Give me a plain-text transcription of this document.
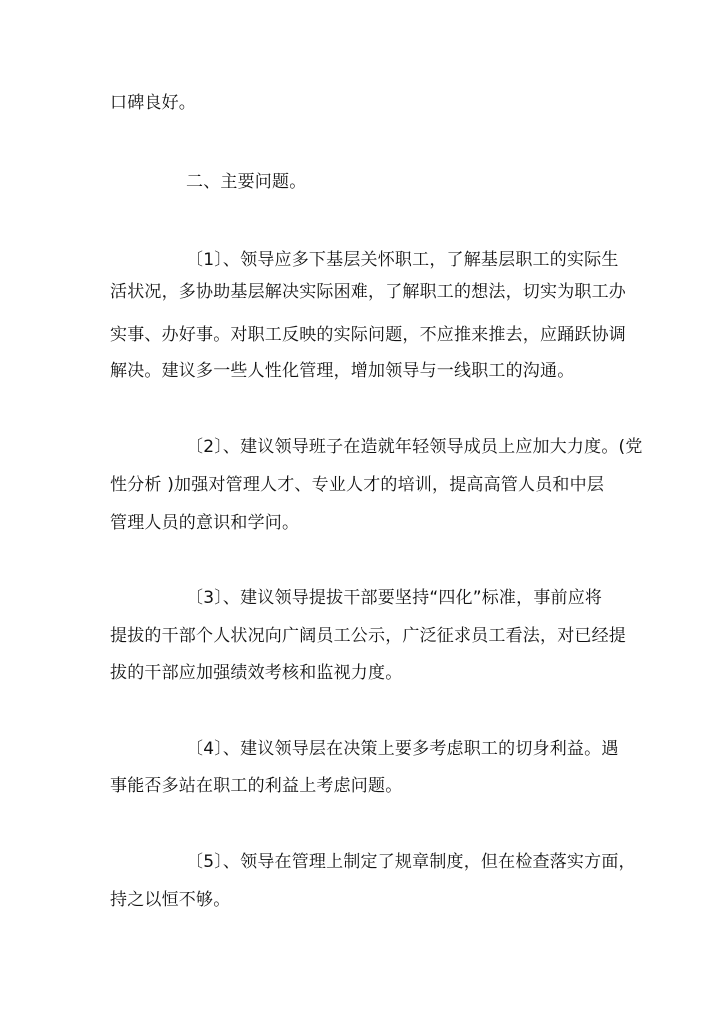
口碑良好。
二、主要问题。
〔1〕、领导应多下基层关怀职工，了解基层职工的实际生
活状况，多协助基层解决实际困难，了解职工的想法，切实为职工办
实事、办好事。对职工反映的实际问题，不应推来推去，应踊跃协调
解决。建议多一些人性化管理，增加领导与一线职工的沟通。
〔2〕、建议领导班子在造就年轻领导成员上应加大力度。(党
性分析 )加强对管理人才、专业人才的培训，提高高管人员和中层
管理人员的意识和学问。
〔3〕、建议领导提拔干部要坚持“四化”标准，事前应将
提拔的干部个人状况向广阔员工公示，广泛征求员工看法，对已经提
拔的干部应加强绩效考核和监视力度。
〔4〕、建议领导层在决策上要多考虑职工的切身利益。遇
事能否多站在职工的利益上考虑问题。
〔5〕、领导在管理上制定了规章制度，但在检查落实方面，
持之以恒不够。
